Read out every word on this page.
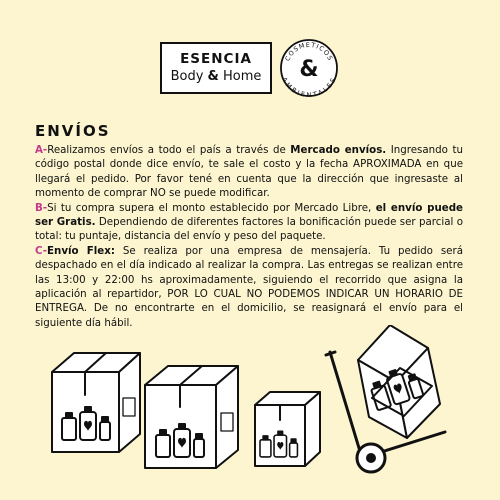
ESENCIA
Body & Home
COSMETICOS
AMBIENTALES
&
ENVÍOS

A-Realizamos envíos a todo el país a través de Mercado envíos. Ingresando tu código postal donde dice envío, te sale el costo y la fecha APROXIMADA en que llegará el pedido. Por favor tené en cuenta que la dirección que ingresaste al momento de comprar NO se puede modificar.

B-Si tu compra supera el monto establecido por Mercado Libre, el envío puede ser Gratis. Dependiendo de diferentes factores la bonificación puede ser parcial o total: tu puntaje, distancia del envío y peso del paquete.

C-Envío Flex: Se realiza por una empresa de mensajería. Tu pedido será despachado en el día indicado al realizar la compra. Las entregas se realizan entre las 13:00 y 22:00 hs aproximadamente, siguiendo el recorrido que asigna la aplicación al repartidor, POR LO CUAL NO PODEMOS INDICAR UN HORARIO DE ENTREGA. De no encontrarte en el domicilio, se reasignará el envío para el siguiente día hábil.
